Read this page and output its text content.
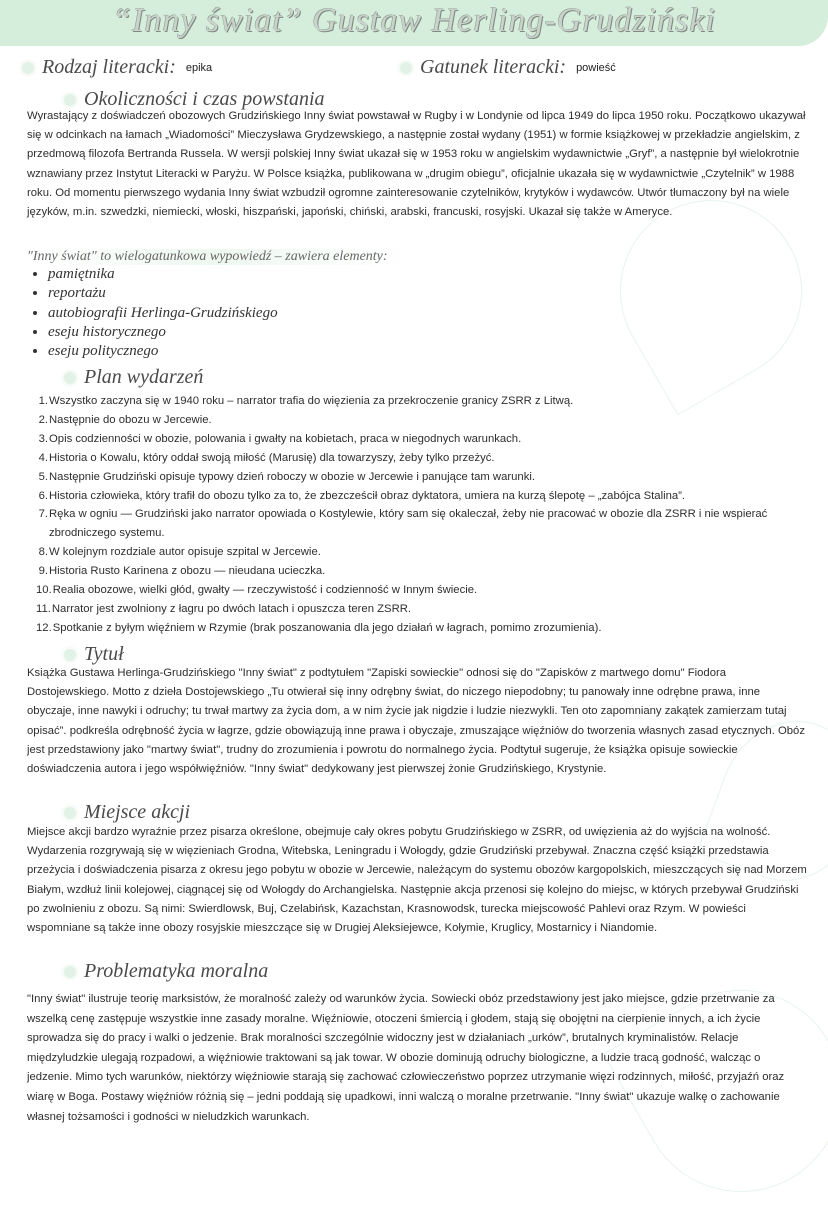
“Inny świat” Gustaw Herling-Grudziński
Rodzaj literacki: epika	Gatunek literacki: powieść
Okoliczności i czas powstania
Wyrastający z doświadczeń obozowych Grudzińskiego Inny świat powstawał w Rugby i w Londynie od lipca 1949 do lipca 1950 roku. Początkowo ukazywał się w odcinkach na łamach „Wiadomości” Mieczysława Grydzewskiego, a następnie został wydany (1951) w formie książkowej w przekładzie angielskim, z przedmową filozofa Bertranda Russela. W wersji polskiej Inny świat ukazał się w 1953 roku w angielskim wydawnictwie „Gryf”, a następnie był wielokrotnie wznawiany przez Instytut Literacki w Paryżu. W Polsce książka, publikowana w „drugim obiegu”, oficjalnie ukazała się w wydawnictwie „Czytelnik” w 1988 roku. Od momentu pierwszego wydania Inny świat wzbudził ogromne zainteresowanie czytelników, krytyków i wydawców. Utwór tłumaczony był na wiele języków, m.in. szwedzki, niemiecki, włoski, hiszpański, japoński, chiński, arabski, francuski, rosyjski. Ukazał się także w Ameryce.
"Inny świat" to wielogatunkowa wypowiedź – zawiera elementy:
• pamiętnika
• reportażu
• autobiografii Herlinga-Grudzińskiego
• eseju historycznego
• eseju politycznego
Plan wydarzeń
1. Wszystko zaczyna się w 1940 roku – narrator trafia do więzienia za przekroczenie granicy ZSRR z Litwą.
2. Następnie do obozu w Jercewie.
3. Opis codzienności w obozie, polowania i gwałty na kobietach, praca w niegodnych warunkach.
4. Historia o Kowalu, który oddał swoją miłość (Marusię) dla towarzyszy, żeby tylko przeżyć.
5. Następnie Grudziński opisuje typowy dzień roboczy w obozie w Jercewie i panujące tam warunki.
6. Historia człowieka, który trafił do obozu tylko za to, że zbezcześcił obraz dyktatora, umiera na kurzą ślepotę – „zabójca Stalina”.
7. Ręka w ogniu — Grudziński jako narrator opowiada o Kostylewie, który sam się okaleczał, żeby nie pracować w obozie dla ZSRR i nie wspierać zbrodniczego systemu.
8. W kolejnym rozdziale autor opisuje szpital w Jercewie.
9. Historia Rusto Karinena z obozu — nieudana ucieczka.
10. Realia obozowe, wielki głód, gwałty — rzeczywistość i codzienność w Innym świecie.
11. Narrator jest zwolniony z łagru po dwóch latach i opuszcza teren ZSRR.
12. Spotkanie z byłym więźniem w Rzymie (brak poszanowania dla jego działań w łagrach, pomimo zrozumienia).
Tytuł
Książka Gustawa Herlinga-Grudzińskiego "Inny świat" z podtytułem "Zapiski sowieckie" odnosi się do "Zapisków z martwego domu" Fiodora Dostojewskiego. Motto z dzieła Dostojewskiego „Tu otwierał się inny odrębny świat, do niczego niepodobny; tu panowały inne odrębne prawa, inne obyczaje, inne nawyki i odruchy; tu trwał martwy za życia dom, a w nim życie jak nigdzie i ludzie niezwykli. Ten oto zapomniany zakątek zamierzam tutaj opisać”. podkreśla odrębność życia w łagrze, gdzie obowiązują inne prawa i obyczaje, zmuszające więźniów do tworzenia własnych zasad etycznych. Obóz jest przedstawiony jako "martwy świat", trudny do zrozumienia i powrotu do normalnego życia. Podtytuł sugeruje, że książka opisuje sowieckie doświadczenia autora i jego współwięźniów. "Inny świat" dedykowany jest pierwszej żonie Grudzińskiego, Krystynie.
Miejsce akcji
Miejsce akcji bardzo wyraźnie przez pisarza określone, obejmuje cały okres pobytu Grudzińskiego w ZSRR, od uwięzienia aż do wyjścia na wolność. Wydarzenia rozgrywają się w więzieniach Grodna, Witebska, Leningradu i Wołogdy, gdzie Grudziński przebywał. Znaczna część książki przedstawia przeżycia i doświadczenia pisarza z okresu jego pobytu w obozie w Jercewie, należącym do systemu obozów kargopolskich, mieszczących się nad Morzem Białym, wzdłuż linii kolejowej, ciągnącej się od Wołogdy do Archangielska. Następnie akcja przenosi się kolejno do miejsc, w których przebywał Grudziński po zwolnieniu z obozu. Są nimi: Swierdlowsk, Buj, Czelabińsk, Kazachstan, Krasnowodsk, turecka miejscowość Pahlevi oraz Rzym. W powieści wspomniane są także inne obozy rosyjskie mieszczące się w Drugiej Aleksiejewce, Kołymie, Kruglicy, Mostarnicy i Niandomie.
Problematyka moralna
"Inny świat" ilustruje teorię marksistów, że moralność zależy od warunków życia. Sowiecki obóz przedstawiony jest jako miejsce, gdzie przetrwanie za wszelką cenę zastępuje wszystkie inne zasady moralne. Więźniowie, otoczeni śmiercią i głodem, stają się obojętni na cierpienie innych, a ich życie sprowadza się do pracy i walki o jedzenie. Brak moralności szczególnie widoczny jest w działaniach „urków”, brutalnych kryminalistów. Relacje międzyludzkie ulegają rozpadowi, a więźniowie traktowani są jak towar. W obozie dominują odruchy biologiczne, a ludzie tracą godność, walcząc o jedzenie. Mimo tych warunków, niektórzy więźniowie starają się zachować człowieczeństwo poprzez utrzymanie więzi rodzinnych, miłość, przyjaźń oraz wiarę w Boga. Postawy więźniów różnią się – jedni poddają się upadkowi, inni walczą o moralne przetrwanie. "Inny świat" ukazuje walkę o zachowanie własnej tożsamości i godności w nieludzkich warunkach.
